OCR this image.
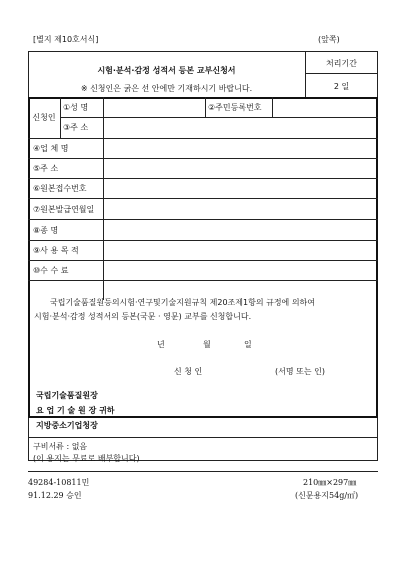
[별지 제10호서식]	(앞쪽)
시험·분석·감정 성적서 등본 교부신청서
※ 신청인은 굵은 선 안에만 기재하시기 바랍니다.
처리기간
2 일
신청인
①성 명	②주민등록번호
③주 소
④업 체 명
⑤주 소
⑥원본접수번호
⑦원본발급연월일
⑧종 명
⑨사 용 목 적
⑩수 수 료
국립기술품질원등의시험·연구및기술지원규칙 제20조제1항의 규정에 의하여
시험·분석·감정 성적서의 등본(국문 · 영문) 교부를 신청합니다.
년	월	일
신 청 인	(서명 또는 인)
국립기술품질원장
요 업 기 술 원 장 귀하
지방중소기업청장
구비서류 : 없음
(이 용지는 무료로 배부합니다)
49284-10811민
91.12.29 승인
210㎜×297㎜
(신문용지54g/㎡)
